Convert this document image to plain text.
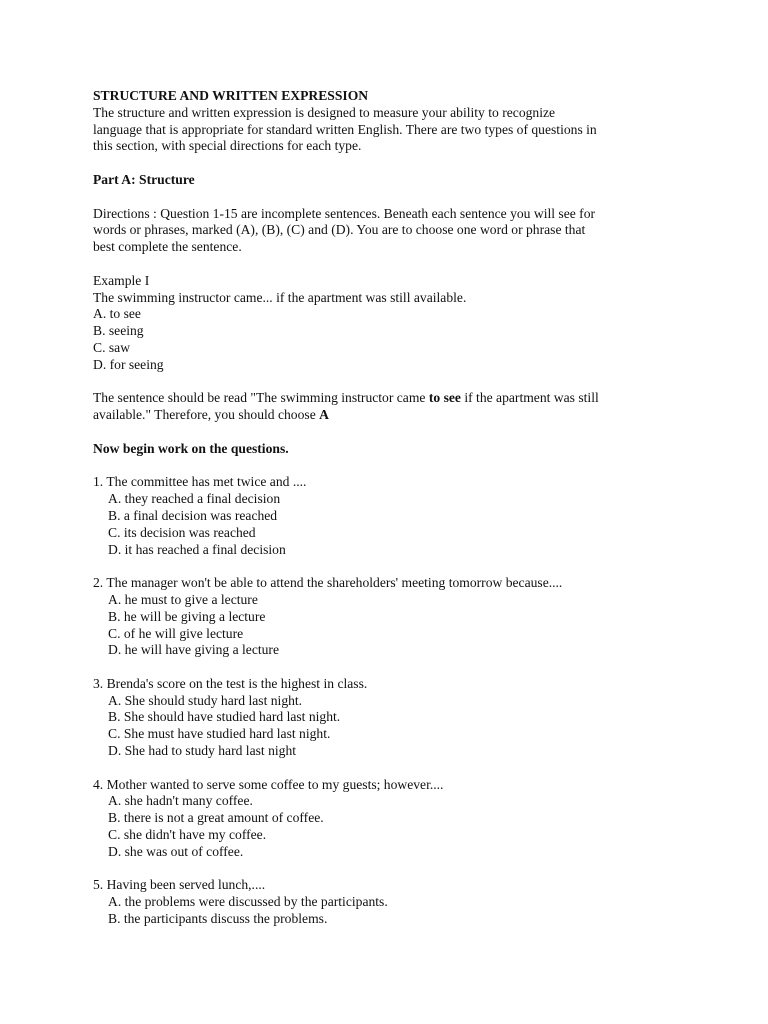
STRUCTURE AND WRITTEN EXPRESSION

The structure and written expression is designed to measure your ability to recognize

language that is appropriate for standard written English. There are two types of questions in

this section, with special directions for each type.

Part A: Structure

Directions : Question 1-15 are incomplete sentences. Beneath each sentence you will see for

words or phrases, marked (A), (B), (C) and (D). You are to choose one word or phrase that

best complete the sentence.

Example I

The swimming instructor came... if the apartment was still available.

A. to see

B. seeing

C. saw

D. for seeing

The sentence should be read "The swimming instructor came to see if the apartment was still

available." Therefore, you should choose A

Now begin work on the questions.

1. The committee has met twice and ....

A. they reached a final decision

B. a final decision was reached

C. its decision was reached

D. it has reached a final decision

2. The manager won't be able to attend the shareholders' meeting tomorrow because....

A. he must to give a lecture

B. he will be giving a lecture

C. of he will give lecture

D. he will have giving a lecture

3. Brenda's score on the test is the highest in class.

A. She should study hard last night.

B. She should have studied hard last night.

C. She must have studied hard last night.

D. She had to study hard last night

4. Mother wanted to serve some coffee to my guests; however....

A. she hadn't many coffee.

B. there is not a great amount of coffee.

C. she didn't have my coffee.

D. she was out of coffee.

5. Having been served lunch,....

A. the problems were discussed by the participants.

B. the participants discuss the problems.
